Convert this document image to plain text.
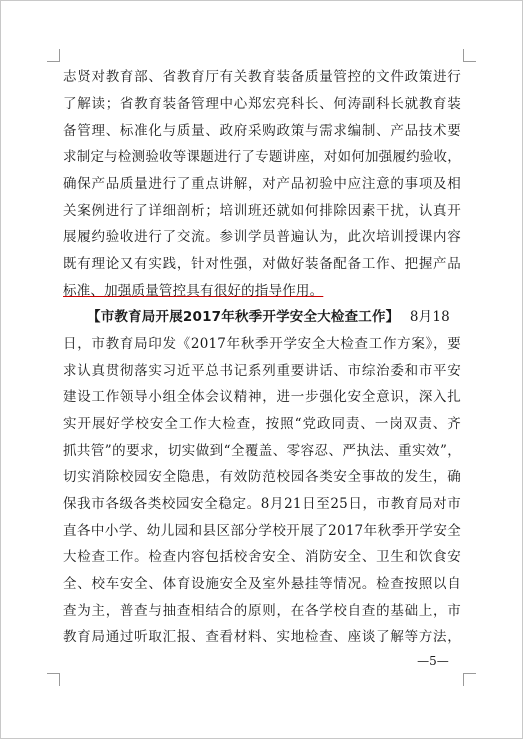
志贤对教育部、省教育厅有关教育装备质量管控的文件政策进行
了解读；省教育装备管理中心郑宏亮科长、何涛副科长就教育装
备管理、标准化与质量、政府采购政策与需求编制、产品技术要
求制定与检测验收等课题进行了专题讲座，对如何加强履约验收，
确保产品质量进行了重点讲解，对产品初验中应注意的事项及相
关案例进行了详细剖析；培训班还就如何排除因素干扰，认真开
展履约验收进行了交流。参训学员普遍认为，此次培训授课内容
既有理论又有实践，针对性强，对做好装备配备工作、把握产品
标准、加强质量管控具有很好的指导作用。
【市教育局开展2017年秋季开学安全大检查工作】 8月18
日，市教育局印发《2017年秋季开学安全大检查工作方案》，要
求认真贯彻落实习近平总书记系列重要讲话、市综治委和市平安
建设工作领导小组全体会议精神，进一步强化安全意识，深入扎
实开展好学校安全工作大检查，按照“党政同责、一岗双责、齐
抓共管”的要求，切实做到“全覆盖、零容忍、严执法、重实效”，
切实消除校园安全隐患，有效防范校园各类安全事故的发生，确
保我市各级各类校园安全稳定。8月21日至25日，市教育局对市
直各中小学、幼儿园和县区部分学校开展了2017年秋季开学安全
大检查工作。检查内容包括校舍安全、消防安全、卫生和饮食安
全、校车安全、体育设施安全及室外悬挂等情况。检查按照以自
查为主，普查与抽查相结合的原则，在各学校自查的基础上，市
教育局通过听取汇报、查看材料、实地检查、座谈了解等方法，
—5—
